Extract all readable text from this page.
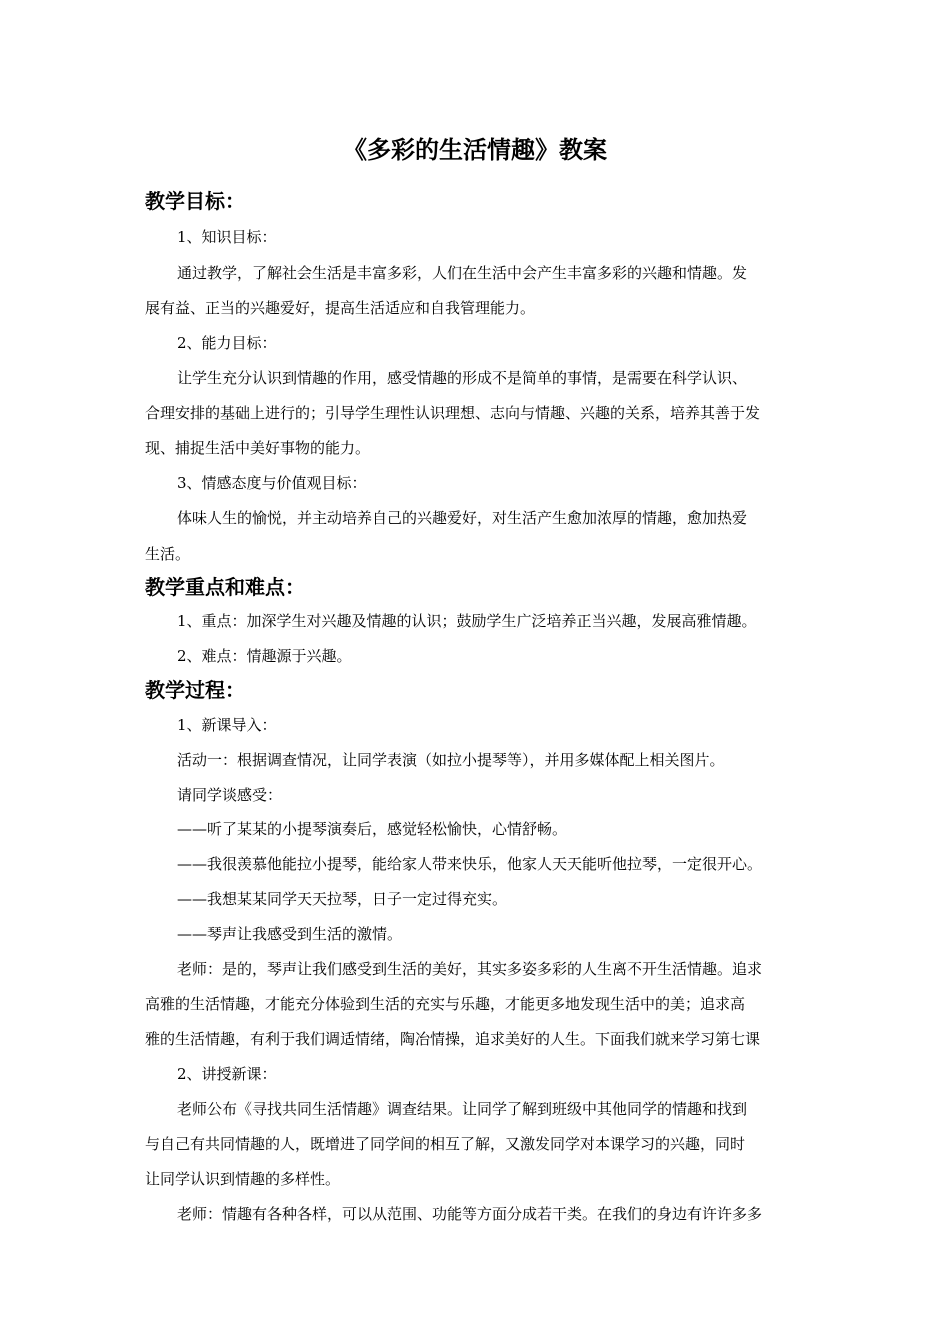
《多彩的生活情趣》教案
教学目标：
1、知识目标：
通过教学，了解社会生活是丰富多彩，人们在生活中会产生丰富多彩的兴趣和情趣。发
展有益、正当的兴趣爱好，提高生活适应和自我管理能力。
2、能力目标：
让学生充分认识到情趣的作用，感受情趣的形成不是简单的事情，是需要在科学认识、
合理安排的基础上进行的；引导学生理性认识理想、志向与情趣、兴趣的关系，培养其善于发
现、捕捉生活中美好事物的能力。
3、情感态度与价值观目标：
体味人生的愉悦，并主动培养自己的兴趣爱好，对生活产生愈加浓厚的情趣，愈加热爱
生活。
教学重点和难点：
1、重点：加深学生对兴趣及情趣的认识；鼓励学生广泛培养正当兴趣，发展高雅情趣。
2、难点：情趣源于兴趣。
教学过程：
1、新课导入：
活动一：根据调查情况，让同学表演（如拉小提琴等），并用多媒体配上相关图片。
请同学谈感受：
——听了某某的小提琴演奏后，感觉轻松愉快，心情舒畅。
——我很羡慕他能拉小提琴，能给家人带来快乐，他家人天天能听他拉琴，一定很开心。
——我想某某同学天天拉琴，日子一定过得充实。
——琴声让我感受到生活的激情。
老师：是的，琴声让我们感受到生活的美好，其实多姿多彩的人生离不开生活情趣。追求
高雅的生活情趣，才能充分体验到生活的充实与乐趣，才能更多地发现生活中的美；追求高
雅的生活情趣，有利于我们调适情绪，陶冶情操，追求美好的人生。下面我们就来学习第七课
2、讲授新课：
老师公布《寻找共同生活情趣》调查结果。让同学了解到班级中其他同学的情趣和找到
与自己有共同情趣的人，既增进了同学间的相互了解，又激发同学对本课学习的兴趣，同时
让同学认识到情趣的多样性。
老师：情趣有各种各样，可以从范围、功能等方面分成若干类。在我们的身边有许许多多
